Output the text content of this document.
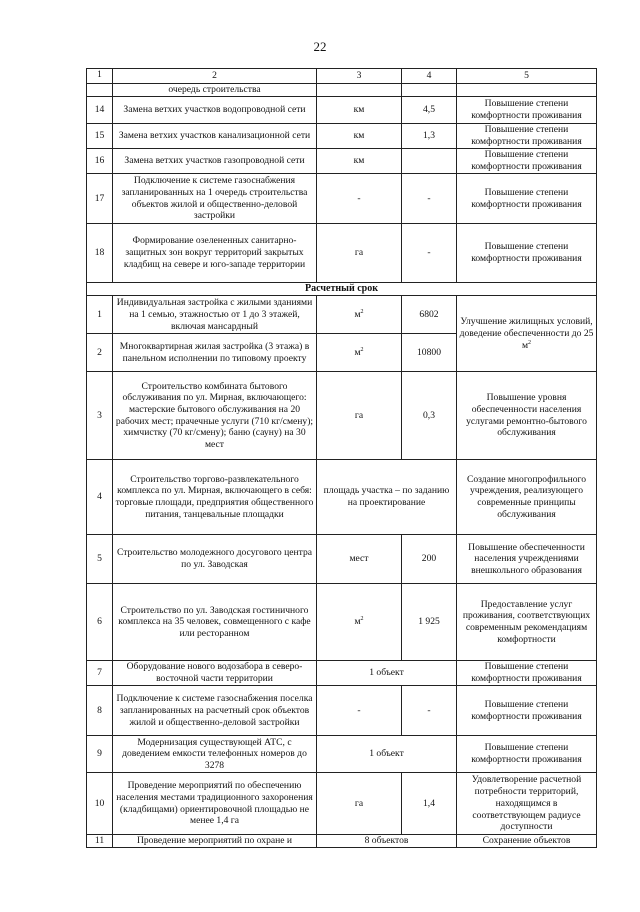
22
1	2	3	4	5
	очередь строительства			
14	Замена ветхих участков водопроводной сети	км	4,5	Повышение степени комфортности проживания
15	Замена ветхих участков канализационной сети	км	1,3	Повышение степени комфортности проживания
16	Замена ветхих участков газопроводной сети	км		Повышение степени комфортности проживания
17	Подключение к системе газоснабжения запланированных на 1 очередь строительства объектов жилой и общественно-деловой застройки	-	-	Повышение степени комфортности проживания
18	Формирование озелененных санитарно-защитных зон вокруг территорий закрытых кладбищ на севере и юго-западе территории	га	-	Повышение степени комфортности проживания
Расчетный срок				
1	Индивидуальная застройка с жилыми зданиями на 1 семью, этажностью от 1 до 3 этажей, включая мансардный	$м^2$	6802	Улучшение жилищных условий, доведение обеспеченности до 25 $м^2$
2	Многоквартирная жилая застройка (3 этажа) в панельном исполнении по типовому проекту	$м^2$	10800	
3	Строительство комбината бытового обслуживания по ул. Мирная, включающего: мастерские бытового обслуживания на 20 рабочих мест; прачечные услуги (710 кг/смену); химчистку (70 кг/смену); баню (сауну) на 30 мест	га	0,3	Повышение уровня обеспеченности населения услугами ремонтно-бытового обслуживания
4	Строительство торгово-развлекательного комплекса по ул. Мирная, включающего в себя: торговые площади, предприятия общественного питания, танцевальные площадки	площадь участка – по заданию на проектирование		Создание многопрофильного учреждения, реализующего современные принципы обслуживания
5	Строительство молодежного досугового центра по ул. Заводская	мест	200	Повышение обеспеченности населения учреждениями внешкольного образования
6	Строительство по ул. Заводская гостиничного комплекса на 35 человек, совмещенного с кафе или ресторанном	$м^2$	1 925	Предоставление услуг проживания, соответствующих современным рекомендациям комфортности
7	Оборудование нового водозабора в северо-восточной части территории	1 объект		Повышение степени комфортности проживания
8	Подключение к системе газоснабжения поселка запланированных на расчетный срок объектов жилой и общественно-деловой застройки	-	-	Повышение степени комфортности проживания
9	Модернизация существующей АТС, с доведением емкости телефонных номеров до 3278	1 объект		Повышение степени комфортности проживания
10	Проведение мероприятий по обеспечению населения местами традиционного захоронения (кладбищами) ориентировочной площадью не менее 1,4 га	га	1,4	Удовлетворение расчетной потребности территорий, находящимся в соответствующем радиусе доступности
11	Проведение мероприятий по охране и	8 объектов		Сохранение объектов
